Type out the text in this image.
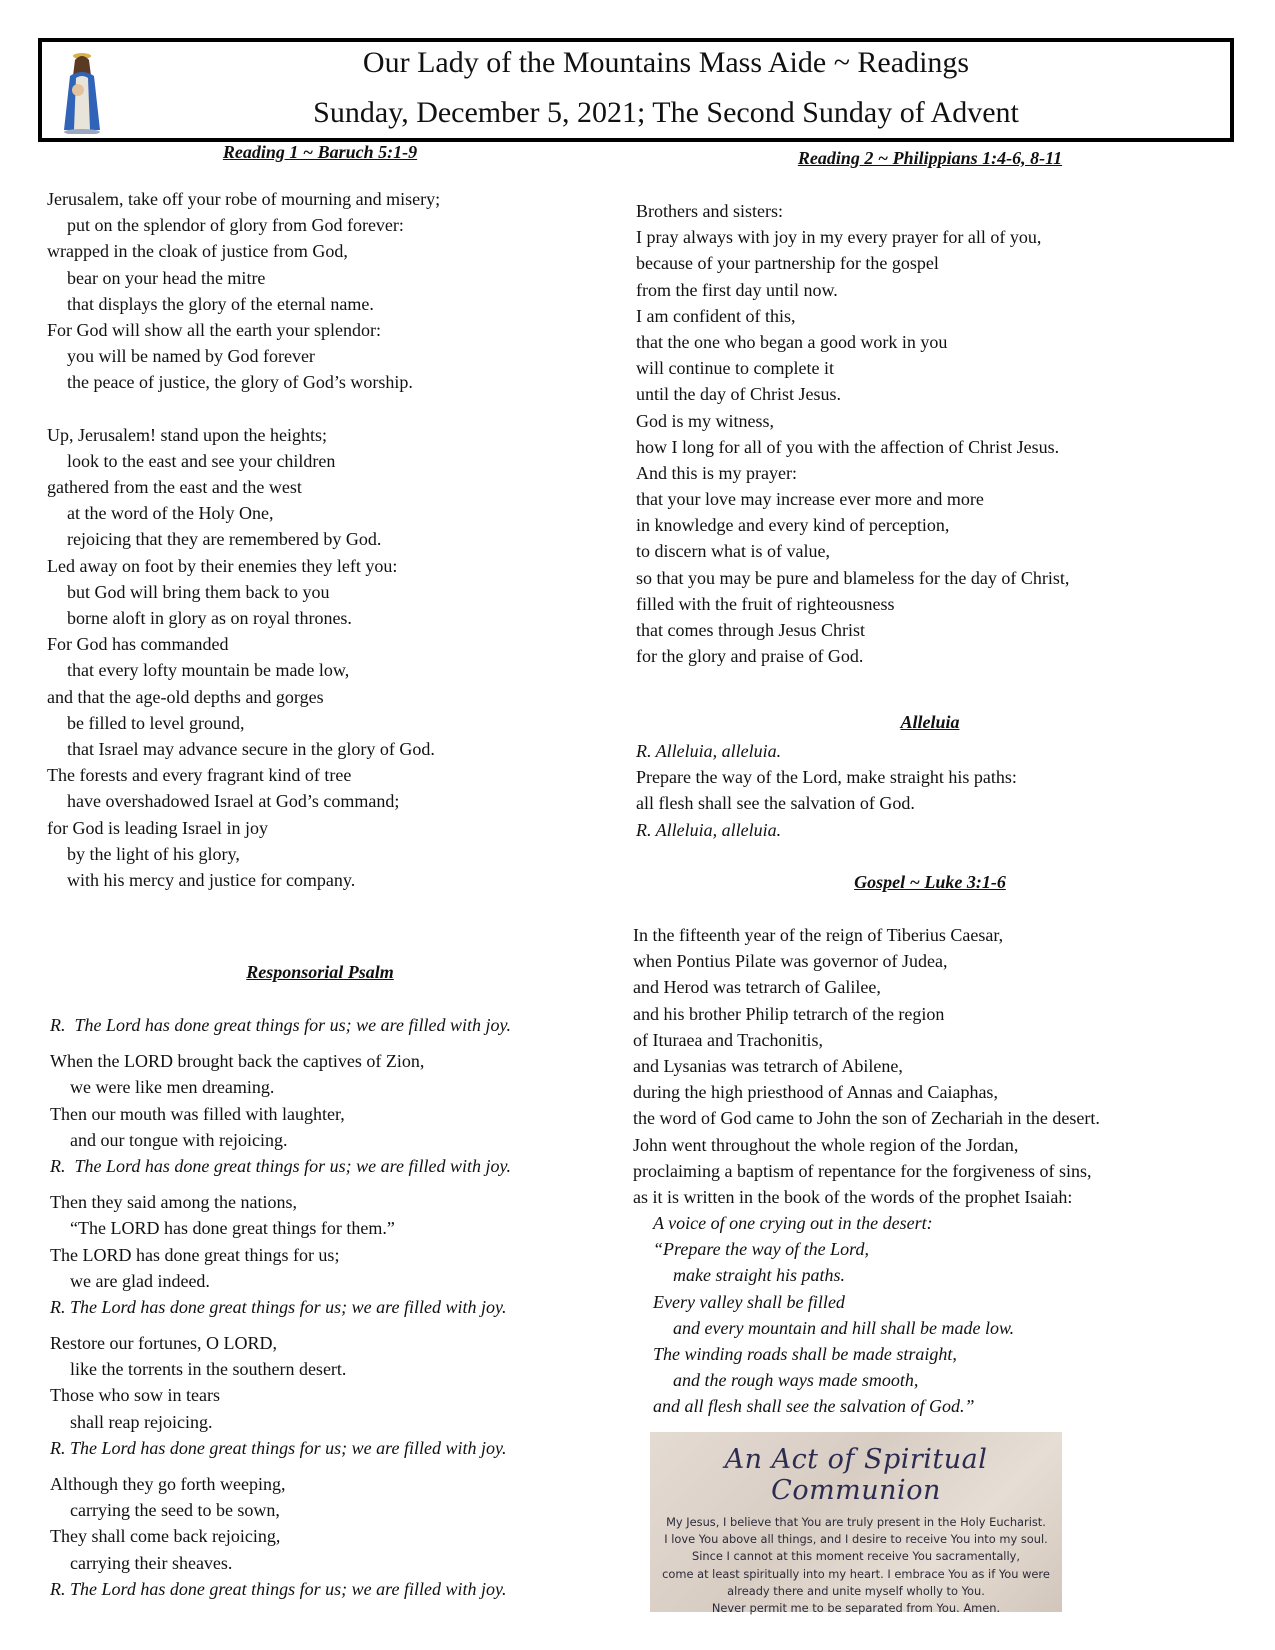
Our Lady of the Mountains Mass Aide ~ Readings
Sunday, December 5, 2021; The Second Sunday of Advent
Reading 1 ~ Baruch 5:1-9
Jerusalem, take off your robe of mourning and misery;
put on the splendor of glory from God forever:
wrapped in the cloak of justice from God,
bear on your head the mitre
that displays the glory of the eternal name.
For God will show all the earth your splendor:
you will be named by God forever
the peace of justice, the glory of God’s worship.
Up, Jerusalem! stand upon the heights;
look to the east and see your children
gathered from the east and the west
at the word of the Holy One,
rejoicing that they are remembered by God.
Led away on foot by their enemies they left you:
but God will bring them back to you
borne aloft in glory as on royal thrones.
For God has commanded
that every lofty mountain be made low,
and that the age-old depths and gorges
be filled to level ground,
that Israel may advance secure in the glory of God.
The forests and every fragrant kind of tree
have overshadowed Israel at God’s command;
for God is leading Israel in joy
by the light of his glory,
with his mercy and justice for company.
Responsorial Psalm
R.  The Lord has done great things for us; we are filled with joy.
When the LORD brought back the captives of Zion,
we were like men dreaming.
Then our mouth was filled with laughter,
and our tongue with rejoicing.
R.  The Lord has done great things for us; we are filled with joy.
Then they said among the nations,
“The LORD has done great things for them.”
The LORD has done great things for us;
we are glad indeed.
R. The Lord has done great things for us; we are filled with joy.
Restore our fortunes, O LORD,
like the torrents in the southern desert.
Those who sow in tears
shall reap rejoicing.
R. The Lord has done great things for us; we are filled with joy.
Although they go forth weeping,
carrying the seed to be sown,
They shall come back rejoicing,
carrying their sheaves.
R. The Lord has done great things for us; we are filled with joy.
Reading 2 ~ Philippians 1:4-6, 8-11
Brothers and sisters:
I pray always with joy in my every prayer for all of you,
because of your partnership for the gospel
from the first day until now.
I am confident of this,
that the one who began a good work in you
will continue to complete it
until the day of Christ Jesus.
God is my witness,
how I long for all of you with the affection of Christ Jesus.
And this is my prayer:
that your love may increase ever more and more
in knowledge and every kind of perception,
to discern what is of value,
so that you may be pure and blameless for the day of Christ,
filled with the fruit of righteousness
that comes through Jesus Christ
for the glory and praise of God.
Alleluia
R. Alleluia, alleluia.
Prepare the way of the Lord, make straight his paths:
all flesh shall see the salvation of God.
R. Alleluia, alleluia.
Gospel ~ Luke 3:1-6
In the fifteenth year of the reign of Tiberius Caesar,
when Pontius Pilate was governor of Judea,
and Herod was tetrarch of Galilee,
and his brother Philip tetrarch of the region
of Ituraea and Trachonitis,
and Lysanias was tetrarch of Abilene,
during the high priesthood of Annas and Caiaphas,
the word of God came to John the son of Zechariah in the desert.
John went throughout the whole region of the Jordan,
proclaiming a baptism of repentance for the forgiveness of sins,
as it is written in the book of the words of the prophet Isaiah:
A voice of one crying out in the desert:
“Prepare the way of the Lord,
make straight his paths.
Every valley shall be filled
and every mountain and hill shall be made low.
The winding roads shall be made straight,
and the rough ways made smooth,
and all flesh shall see the salvation of God.”
An Act of Spiritual Communion
My Jesus, I believe that You are truly present in the Holy Eucharist.
I love You above all things, and I desire to receive You into my soul.
Since I cannot at this moment receive You sacramentally,
come at least spiritually into my heart. I embrace You as if You were
already there and unite myself wholly to You.
Never permit me to be separated from You. Amen.
